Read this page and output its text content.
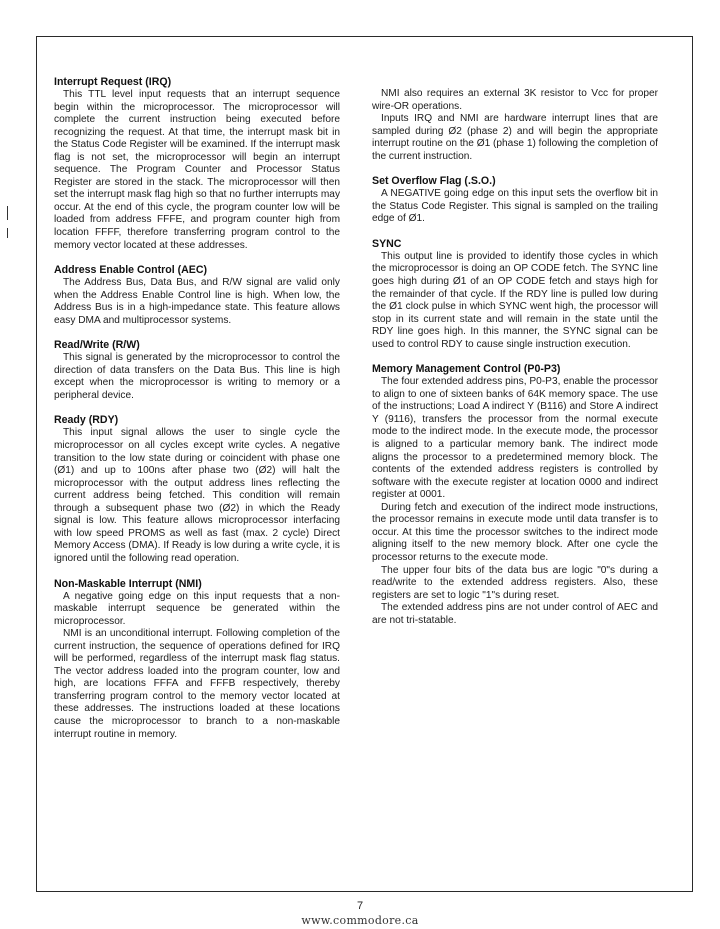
Interrupt Request (IRQ)

This TTL level input requests that an interrupt sequence begin within the microprocessor. The microprocessor will complete the current instruction being executed before recognizing the request. At that time, the interrupt mask bit in the Status Code Register will be examined. If the interrupt mask flag is not set, the microprocessor will begin an interrupt sequence. The Program Counter and Processor Status Register are stored in the stack. The microprocessor will then set the interrupt mask flag high so that no further interrupts may occur. At the end of this cycle, the program counter low will be loaded from address FFFE, and program counter high from location FFFF, therefore transferring program control to the memory vector located at these addresses.

Address Enable Control (AEC)

The Address Bus, Data Bus, and R/W signal are valid only when the Address Enable Control line is high. When low, the Address Bus is in a high-impedance state. This feature allows easy DMA and multiprocessor systems.

Read/Write (R/W)

This signal is generated by the microprocessor to control the direction of data transfers on the Data Bus. This line is high except when the microprocessor is writing to memory or a peripheral device.

Ready (RDY)

This input signal allows the user to single cycle the microprocessor on all cycles except write cycles. A negative transition to the low state during or coincident with phase one (Ø1) and up to 100ns after phase two (Ø2) will halt the microprocessor with the output address lines reflecting the current address being fetched. This condition will remain through a subsequent phase two (Ø2) in which the Ready signal is low. This feature allows microprocessor interfacing with low speed PROMS as well as fast (max. 2 cycle) Direct Memory Access (DMA). If Ready is low during a write cycle, it is ignored until the following read operation.

Non-Maskable Interrupt (NMI)

A negative going edge on this input requests that a non-maskable interrupt sequence be generated within the microprocessor.

NMI is an unconditional interrupt. Following completion of the current instruction, the sequence of operations defined for IRQ will be performed, regardless of the interrupt mask flag status. The vector address loaded into the program counter, low and high, are locations FFFA and FFFB respectively, thereby transferring program control to the memory vector located at these addresses. The instructions loaded at these locations cause the microprocessor to branch to a non-maskable interrupt routine in memory.

NMI also requires an external 3K resistor to Vcc for proper wire-OR operations.

Inputs IRQ and NMI are hardware interrupt lines that are sampled during Ø2 (phase 2) and will begin the appropriate interrupt routine on the Ø1 (phase 1) following the completion of the current instruction.

Set Overflow Flag (.S.O.)

A NEGATIVE going edge on this input sets the overflow bit in the Status Code Register. This signal is sampled on the trailing edge of Ø1.

SYNC

This output line is provided to identify those cycles in which the microprocessor is doing an OP CODE fetch. The SYNC line goes high during Ø1 of an OP CODE fetch and stays high for the remainder of that cycle. If the RDY line is pulled low during the Ø1 clock pulse in which SYNC went high, the processor will stop in its current state and will remain in the state until the RDY line goes high. In this manner, the SYNC signal can be used to control RDY to cause single instruction execution.

Memory Management Control (P0-P3)

The four extended address pins, P0-P3, enable the processor to align to one of sixteen banks of 64K memory space. The use of the instructions; Load A indirect Y (B116) and Store A indirect Y (9116), transfers the processor from the normal execute mode to the indirect mode. In the execute mode, the processor is aligned to a particular memory bank. The indirect mode aligns the processor to a predetermined memory block. The contents of the extended address registers is controlled by software with the execute register at location 0000 and indirect register at 0001.

During fetch and execution of the indirect mode instructions, the processor remains in execute mode until data transfer is to occur. At this time the processor switches to the indirect mode aligning itself to the new memory block. After one cycle the processor returns to the execute mode.

The upper four bits of the data bus are logic "0"s during a read/write to the extended address registers. Also, these registers are set to logic "1"s during reset.

The extended address pins are not under control of AEC and are not tri-statable.

7
www.commodore.ca
